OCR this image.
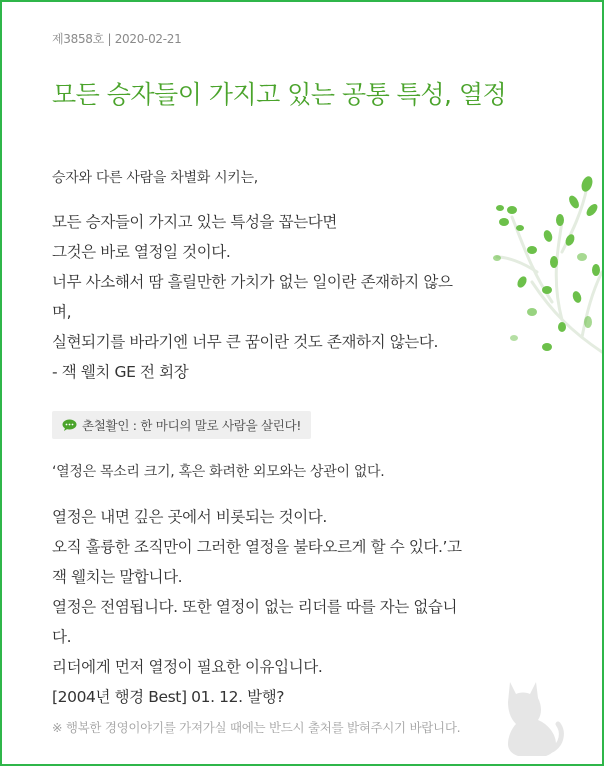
제3858호 | 2020-02-21
모든 승자들이 가지고 있는 공통 특성, 열정
승자와 다른 사람을 차별화 시키는,
모든 승자들이 가지고 있는 특성을 꼽는다면
그것은 바로 열정일 것이다.
너무 사소해서 땀 흘릴만한 가치가 없는 일이란 존재하지 않으
며,
실현되기를 바라기엔 너무 큰 꿈이란 것도 존재하지 않는다.
- 잭 웰치 GE 전 회장
촌철활인 : 한 마디의 말로 사람을 살린다!
‘열정은 목소리 크기, 혹은 화려한 외모와는 상관이 없다.
열정은 내면 깊은 곳에서 비롯되는 것이다.
오직 훌륭한 조직만이 그러한 열정을 불타오르게 할 수 있다.’고
잭 웰치는 말합니다.
열정은 전염됩니다. 또한 열정이 없는 리더를 따를 자는 없습니
다.
리더에게 먼저 열정이 필요한 이유입니다.
[2004년 행경 Best] 01. 12. 발행?
※ 행복한 경영이야기를 가져가실 때에는 반드시 출처를 밝혀주시기 바랍니다.
